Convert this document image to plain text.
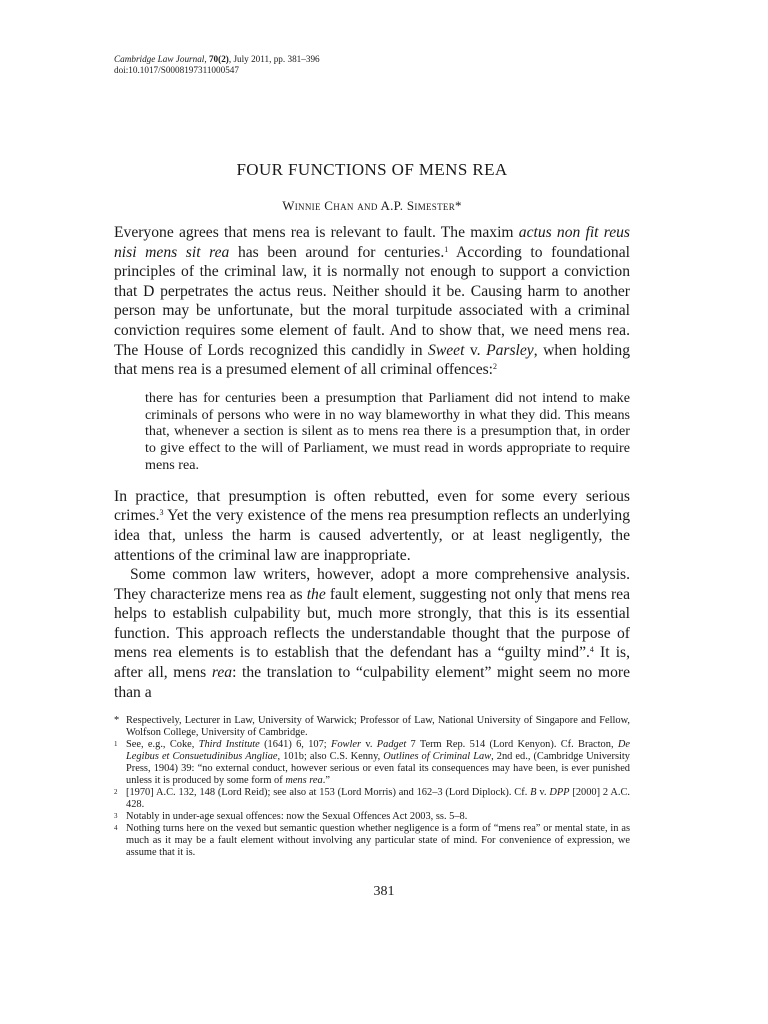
Cambridge Law Journal, 70(2), July 2011, pp. 381–396

doi:10.1017/S0008197311000547

FOUR FUNCTIONS OF MENS REA

Winnie Chan and A.P. Simester*

Everyone agrees that mens rea is relevant to fault. The maxim actus non fit reus nisi mens sit rea has been around for centuries.$^1$ According to foundational principles of the criminal law, it is normally not enough to support a conviction that D perpetrates the actus reus. Neither should it be. Causing harm to another person may be unfortunate, but the moral turpitude associated with a criminal conviction requires some element of fault. And to show that, we need mens rea. The House of Lords recognized this candidly in Sweet v. Parsley, when holding that mens rea is a presumed element of all criminal offences:$^2$

there has for centuries been a presumption that Parliament did not intend to make criminals of persons who were in no way blameworthy in what they did. This means that, whenever a section is silent as to mens rea there is a presumption that, in order to give effect to the will of Parliament, we must read in words appropriate to require mens rea.

In practice, that presumption is often rebutted, even for some every serious crimes.$^3$ Yet the very existence of the mens rea presumption reflects an underlying idea that, unless the harm is caused advertently, or at least negligently, the attentions of the criminal law are inappropriate.

Some common law writers, however, adopt a more comprehensive analysis. They characterize mens rea as the fault element, suggesting not only that mens rea helps to establish culpability but, much more strongly, that this is its essential function. This approach reflects the understandable thought that the purpose of mens rea elements is to establish that the defendant has a “guilty mind”.$^4$ It is, after all, mens rea: the translation to “culpability element” might seem no more than a

* Respectively, Lecturer in Law, University of Warwick; Professor of Law, National University of Singapore and Fellow, Wolfson College, University of Cambridge.

1 See, e.g., Coke, Third Institute (1641) 6, 107; Fowler v. Padget 7 Term Rep. 514 (Lord Kenyon). Cf. Bracton, De Legibus et Consuetudinibus Angliae, 101b; also C.S. Kenny, Outlines of Criminal Law, 2nd ed., (Cambridge University Press, 1904) 39: “no external conduct, however serious or even fatal its consequences may have been, is ever punished unless it is produced by some form of mens rea.”

2 [1970] A.C. 132, 148 (Lord Reid); see also at 153 (Lord Morris) and 162–3 (Lord Diplock). Cf. B v. DPP [2000] 2 A.C. 428.

3 Notably in under-age sexual offences: now the Sexual Offences Act 2003, ss. 5–8.

4 Nothing turns here on the vexed but semantic question whether negligence is a form of “mens rea” or mental state, in as much as it may be a fault element without involving any particular state of mind. For convenience of expression, we assume that it is.

381
